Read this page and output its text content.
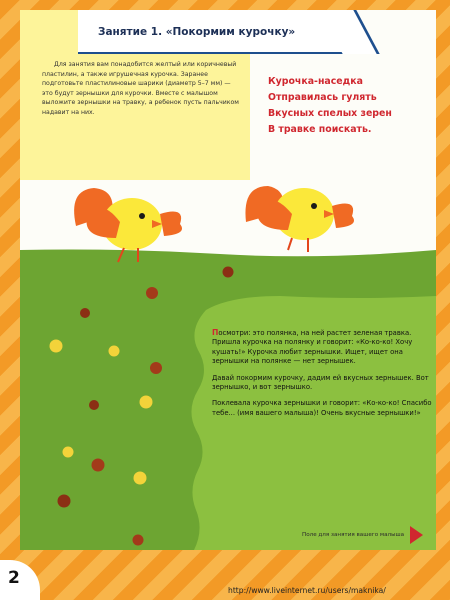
Занятие 1. «Покормим курочку»

Для занятия вам понадобится желтый или коричневый пластилин, а также игрушечная курочка. Заранее подготовьте пластилиновые шарики (диаметр 5–7 мм) — это будут зернышки для курочки. Вместе с малышом выложите зернышки на травку, а ребенок пусть пальчиком надавит на них.

Курочка-наседка
Отправилась гулять
Вкусных спелых зерен
В травке поискать.

Посмотри: это полянка, на ней растет зеленая травка. Пришла курочка на полянку и говорит: «Ко-ко-ко! Хочу кушать!» Курочка любит зернышки. Ищет, ищет она зернышки на полянке — нет зернышек.

Давай покормим курочку, дадим ей вкусных зернышек. Вот зернышко, и вот зернышко.

Поклевала курочка зернышки и говорит: «Ко-ко-ко! Спасибо тебе... (имя вашего малыша)! Очень вкусные зернышки!»

Поле для занятия вашего малыша
2
http://www.liveinternet.ru/users/maknika/
